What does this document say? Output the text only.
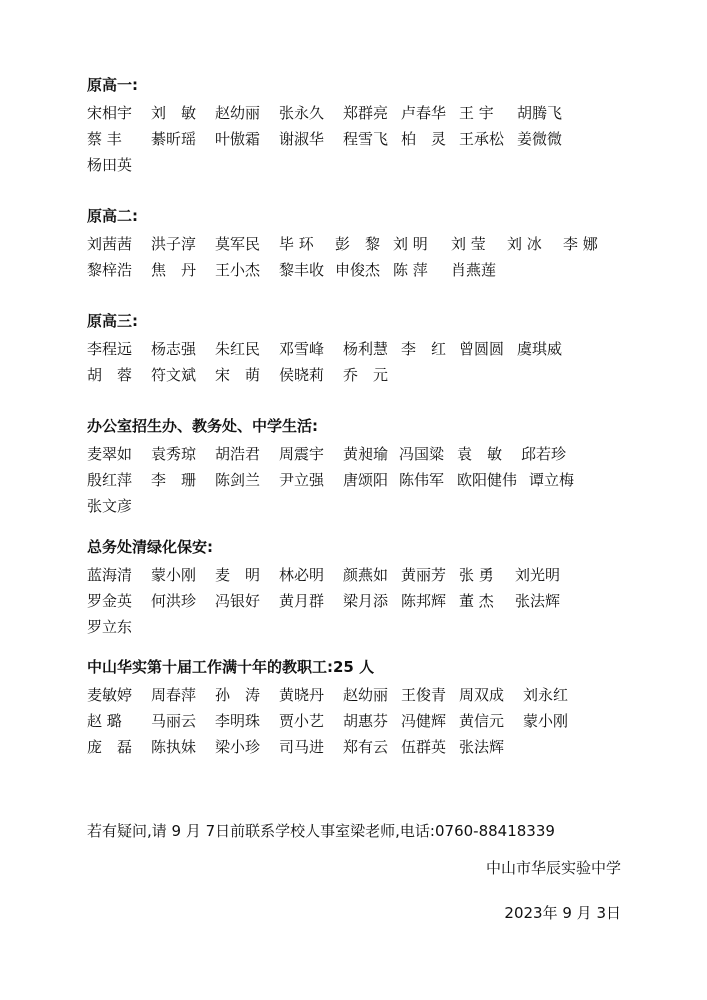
原高一:
宋相宇	刘　敏	赵幼丽	张永久	郑群亮 卢春华 王 宇	胡腾飞
蔡 丰	綦昕瑶	叶傲霜	谢淑华	程雪飞 柏　灵 王承松 姜微微
杨田英
原高二:
刘茜茜	洪子淳	莫军民	毕 环	彭　黎 刘 明	刘 莹	刘 冰	李 娜
黎梓浩	焦　丹	王小杰	黎丰收 申俊杰 陈 萍	肖燕莲
原高三:
李程远	杨志强	朱红民	邓雪峰	杨利慧 李　红 曾圆圆 虞琪威
胡　蓉	符文斌	宋　萌	侯晓莉	乔　元
办公室招生办、教务处、中学生活:
麦翠如	袁秀琼	胡浩君	周震宇	黄昶瑜 冯国粱 袁　敏	邱若珍
殷红萍	李　珊	陈剑兰	尹立强	唐颂阳 陈伟军 欧阳健伟 谭立梅
张文彦
总务处清绿化保安:
蓝海清	蒙小刚	麦　明	林必明	颜燕如 黄丽芳 张 勇	刘光明
罗金英	何洪珍	冯银好	黄月群	梁月添 陈邦辉 董 杰	张法辉
罗立东
中山华实第十届工作满十年的教职工:25 人
麦敏婷	周春萍	孙　涛	黄晓丹	赵幼丽 王俊青 周双成	刘永红
赵 璐	马丽云	李明珠	贾小艺	胡惠芬 冯健辉 黄信元	蒙小刚
庞　磊	陈执妹	梁小珍	司马进	郑有云 伍群英 张法辉
若有疑问,请 9 月 7日前联系学校人事室梁老师,电话:0760-88418339
中山市华辰实验中学
2023年 9 月 3日
